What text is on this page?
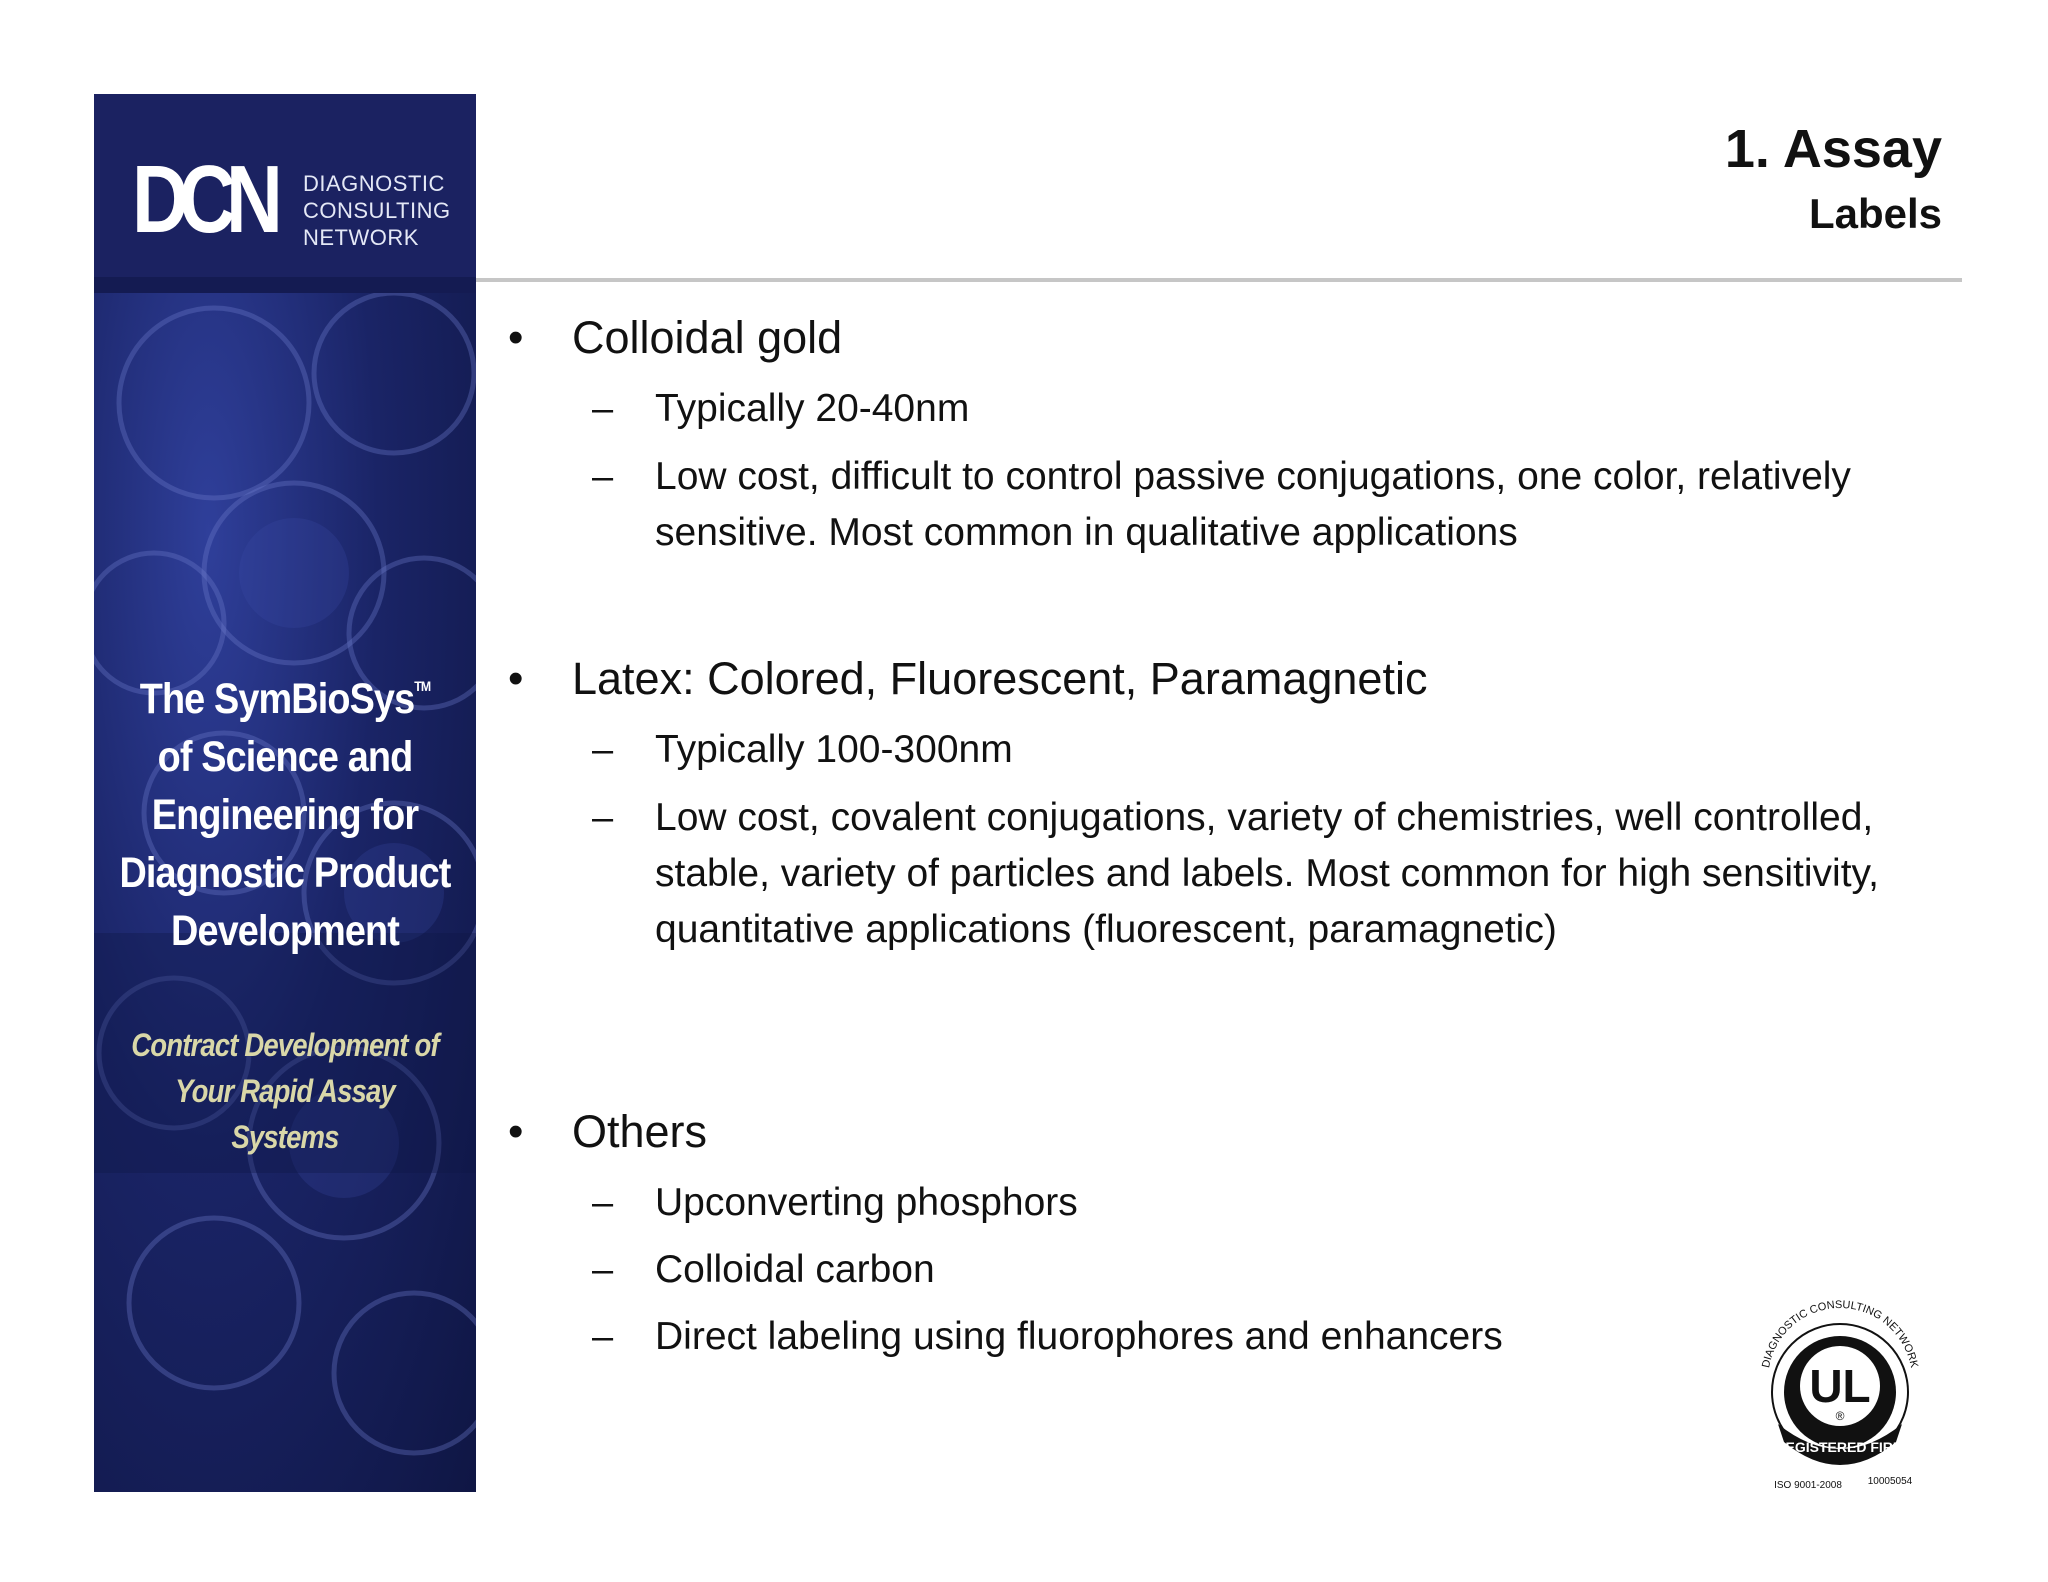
DCN DIAGNOSTIC
CONSULTING
NETWORK
The SymBioSys™
of Science and
Engineering for
Diagnostic Product
Development
Contract Development of
Your Rapid Assay Systems
1. Assay
Labels
• Colloidal gold
– Typically 20-40nm
– Low cost, difficult to control passive conjugations, one color, relatively sensitive. Most common in qualitative applications
• Latex: Colored, Fluorescent, Paramagnetic
– Typically 100-300nm
– Low cost, covalent conjugations, variety of chemistries, well controlled, stable, variety of particles and labels. Most common for high sensitivity, quantitative applications (fluorescent, paramagnetic)
• Others
– Upconverting phosphors
– Colloidal carbon
– Direct labeling using fluorophores and enhancers
UL
®
DIAGNOSTIC CONSULTING NETWORK
REGISTERED FIRM
ISO 9001-2008	10005054
